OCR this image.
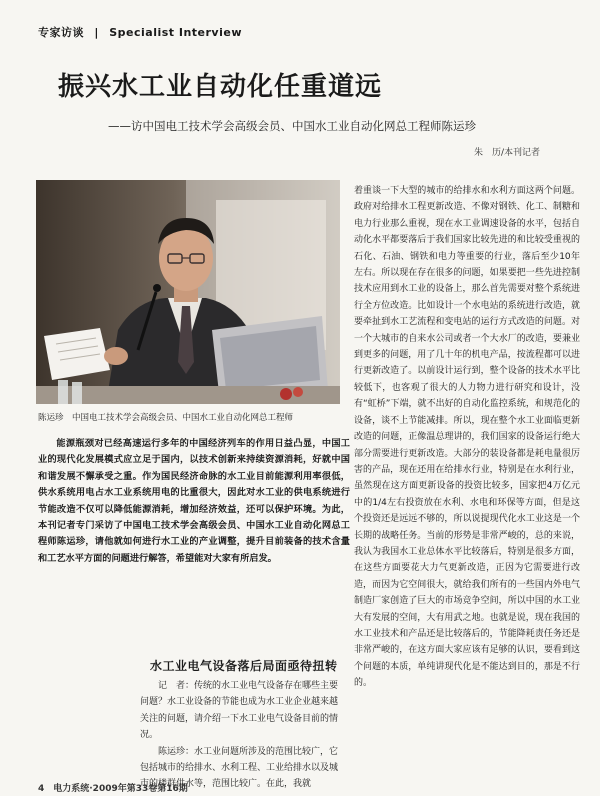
专家访谈 | Specialist Interview
振兴水工业自动化任重道远
——访中国电工技术学会高级会员、中国水工业自动化网总工程师陈运珍
朱　历/本刊记者
陈运珍　中国电工技术学会高级会员、中国水工业自动化网总工程师
能源瓶颈对已经高速运行多年的中国经济列车的作用日益凸显，中国工业的现代化发展模式应立足于国内，以技术创新来持续资源消耗，好就中国和谐发展不懈承受之重。作为国民经济命脉的水工业目前能源利用率很低，供水系统用电占水工业系统用电的比重很大，因此对水工业的供电系统进行节能改造不仅可以降低能源消耗，增加经济效益，还可以保护环境。为此，本刊记者专门采访了中国电工技术学会高级会员、中国水工业自动化网总工程师陈运珍，请他就如何进行水工业的产业调整，提升目前装备的技术含量和工艺水平方面的问题进行解答，希望能对大家有所启发。
水工业电气设备落后局面亟待扭转

记　者：传统的水工业电气设备存在哪些主要问题？水工业设备的节能也成为水工业企业越来越关注的问题，请介绍一下水工业电气设备目前的情况。

陈运珍：水工业问题所涉及的范围比较广，它包括城市的给排水、水利工程、工业给排水以及城市的楼群供水等，范围比较广。在此，我就

着重谈一下大型的城市的给排水和水利方面这两个问题。政府对给排水工程更新改造、不像对钢铁、化工、制糖和电力行业那么重视，现在水工业调速设备的水平，包括自动化水平都要落后于我们国家比较先进的和比较受重视的石化、石油、钢铁和电力等重要的行业，落后至少10年左右。所以现在存在很多的问题，如果要把一些先进控制技术应用到水工业的设备上，那么首先需要对整个系统进行全方位改造。比如设计一个水电站的系统进行改造，就要牵扯到水工艺流程和变电站的运行方式改造的问题。对一个大城市的自来水公司或者一个大水厂的改造，要兼业到更多的问题，用了几十年的机电产品，按流程都可以进行更新改造了。以前设计运行到，整个设备的技术水平比较低下，也客观了很大的人力物力进行研究和设计，没有“虹桥”下端，就不出好的自动化监控系统，和规范化的设备，谈不上节能减排。所以，现在整个水工业面临更新改造的问题，正像温总理讲的，我们国家的设备运行绝大部分需要进行更新改造。大部分的装设备都是耗电量很厉害的产品，现在还用在给排水行业，特别是在水利行业，虽然现在这方面更新设备的投资比较多，国家把4万亿元中的1/4左右投资放在水利、水电和环保等方面，但是这个投资还是远远不够的，所以说提现代化水工业这是一个长期的战略任务。当前的形势是非常严峻的，总的来说，我认为我国水工业总体水平比较落后，特别是很多方面，在这些方面要花大力气更新改造，正因为它需要进行改造，而因为它空间很大，就给我们所有的一些国内外电气制造厂家创造了巨大的市场竞争空间，所以中国的水工业大有发展的空间，大有用武之地。也就是说，现在我国的水工业技术和产品还是比较落后的，节能降耗责任务还是非常严峻的，在这方面大家应该有足够的认识，要看到这个问题的本质，单纯讲现代化是不能达到目的，那是不行的。

4　电力系统·2009年第33卷第16期
